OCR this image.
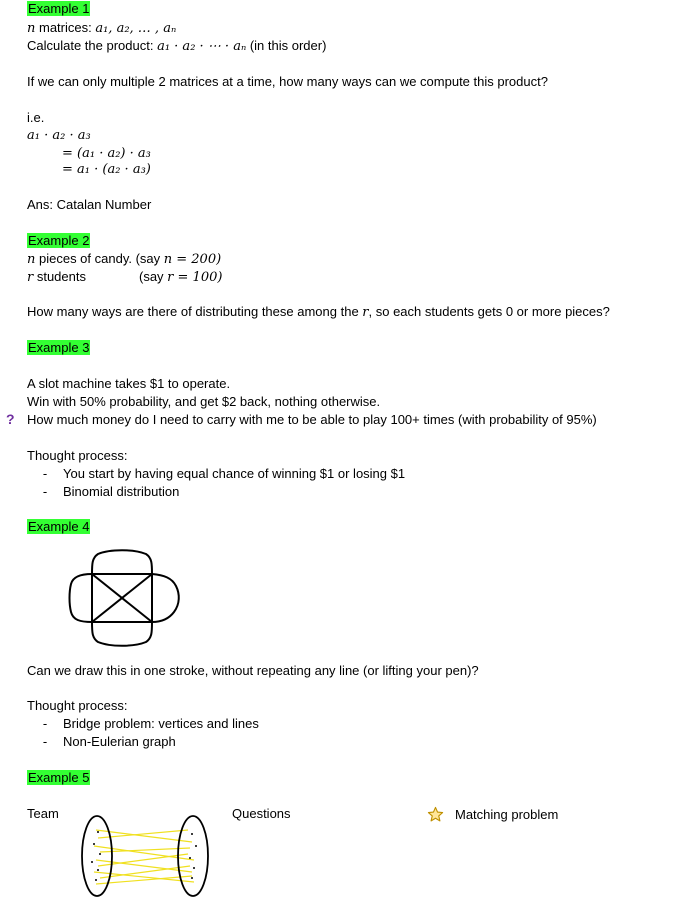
Example 1
n matrices: a₁, a₂, … , aₙ
Calculate the product: a₁ · a₂ · ⋯ · aₙ (in this order)
If we can only multiple 2 matrices at a time, how many ways can we compute this product?
i.e.
a₁ · a₂ · a₃
= (a₁ · a₂) · a₃
= a₁ · (a₂ · a₃)
Ans: Catalan Number
Example 2
n pieces of candy. (say n = 200)
r students	(say r = 100)
How many ways are there of distributing these among the r, so each students gets 0 or more pieces?
Example 3
A slot machine takes $1 to operate.
Win with 50% probability, and get $2 back, nothing otherwise.
? How much money do I need to carry with me to be able to play 100+ times (with probability of 95%)
Thought process:
- You start by having equal chance of winning $1 or losing $1
- Binomial distribution
Example 4
Can we draw this in one stroke, without repeating any line (or lifting your pen)?
Thought process:
- Bridge problem: vertices and lines
- Non-Eulerian graph
Example 5
Team	Questions	Matching problem
